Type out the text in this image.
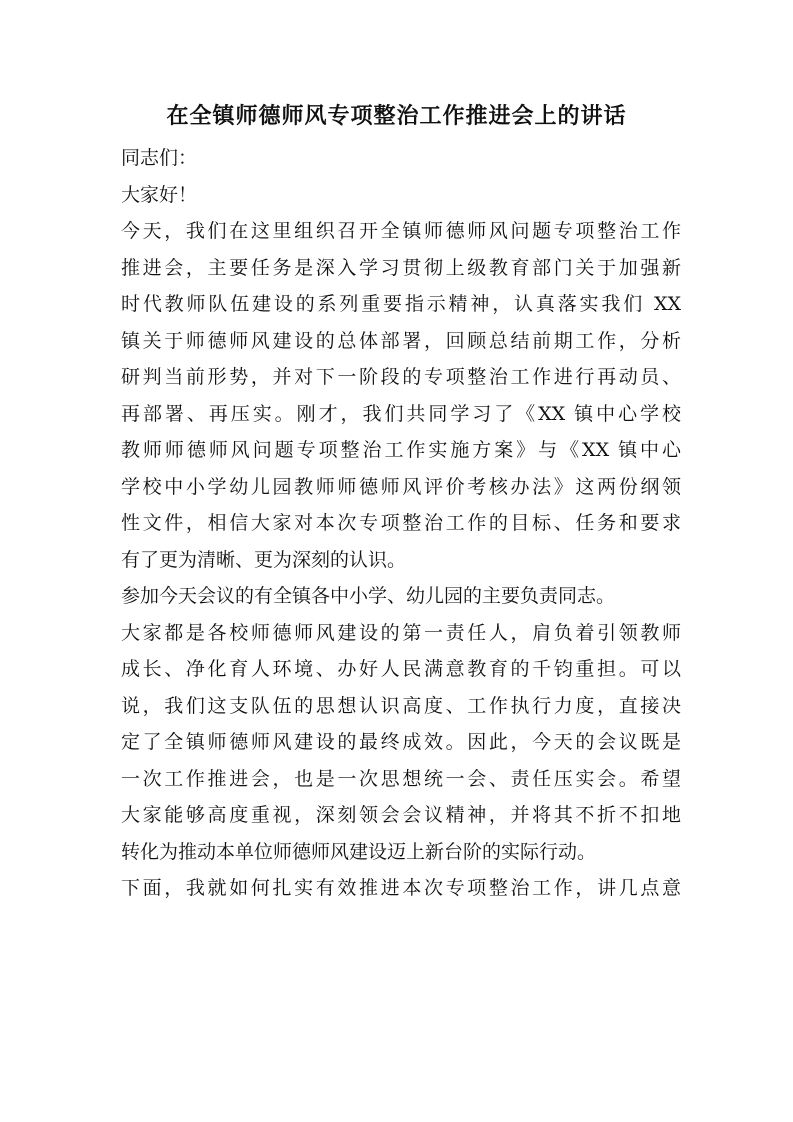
在全镇师德师风专项整治工作推进会上的讲话
同志们：
大家好！
今天，我们在这里组织召开全镇师德师风问题专项整治工作
推进会，主要任务是深入学习贯彻上级教育部门关于加强新
时代教师队伍建设的系列重要指示精神，认真落实我们 XX
镇关于师德师风建设的总体部署，回顾总结前期工作，分析
研判当前形势，并对下一阶段的专项整治工作进行再动员、
再部署、再压实。刚才，我们共同学习了《XX 镇中心学校
教师师德师风问题专项整治工作实施方案》与《XX 镇中心
学校中小学幼儿园教师师德师风评价考核办法》这两份纲领
性文件，相信大家对本次专项整治工作的目标、任务和要求
有了更为清晰、更为深刻的认识。
参加今天会议的有全镇各中小学、幼儿园的主要负责同志。
大家都是各校师德师风建设的第一责任人，肩负着引领教师
成长、净化育人环境、办好人民满意教育的千钧重担。可以
说，我们这支队伍的思想认识高度、工作执行力度，直接决
定了全镇师德师风建设的最终成效。因此，今天的会议既是
一次工作推进会，也是一次思想统一会、责任压实会。希望
大家能够高度重视，深刻领会会议精神，并将其不折不扣地
转化为推动本单位师德师风建设迈上新台阶的实际行动。
下面，我就如何扎实有效推进本次专项整治工作，讲几点意
